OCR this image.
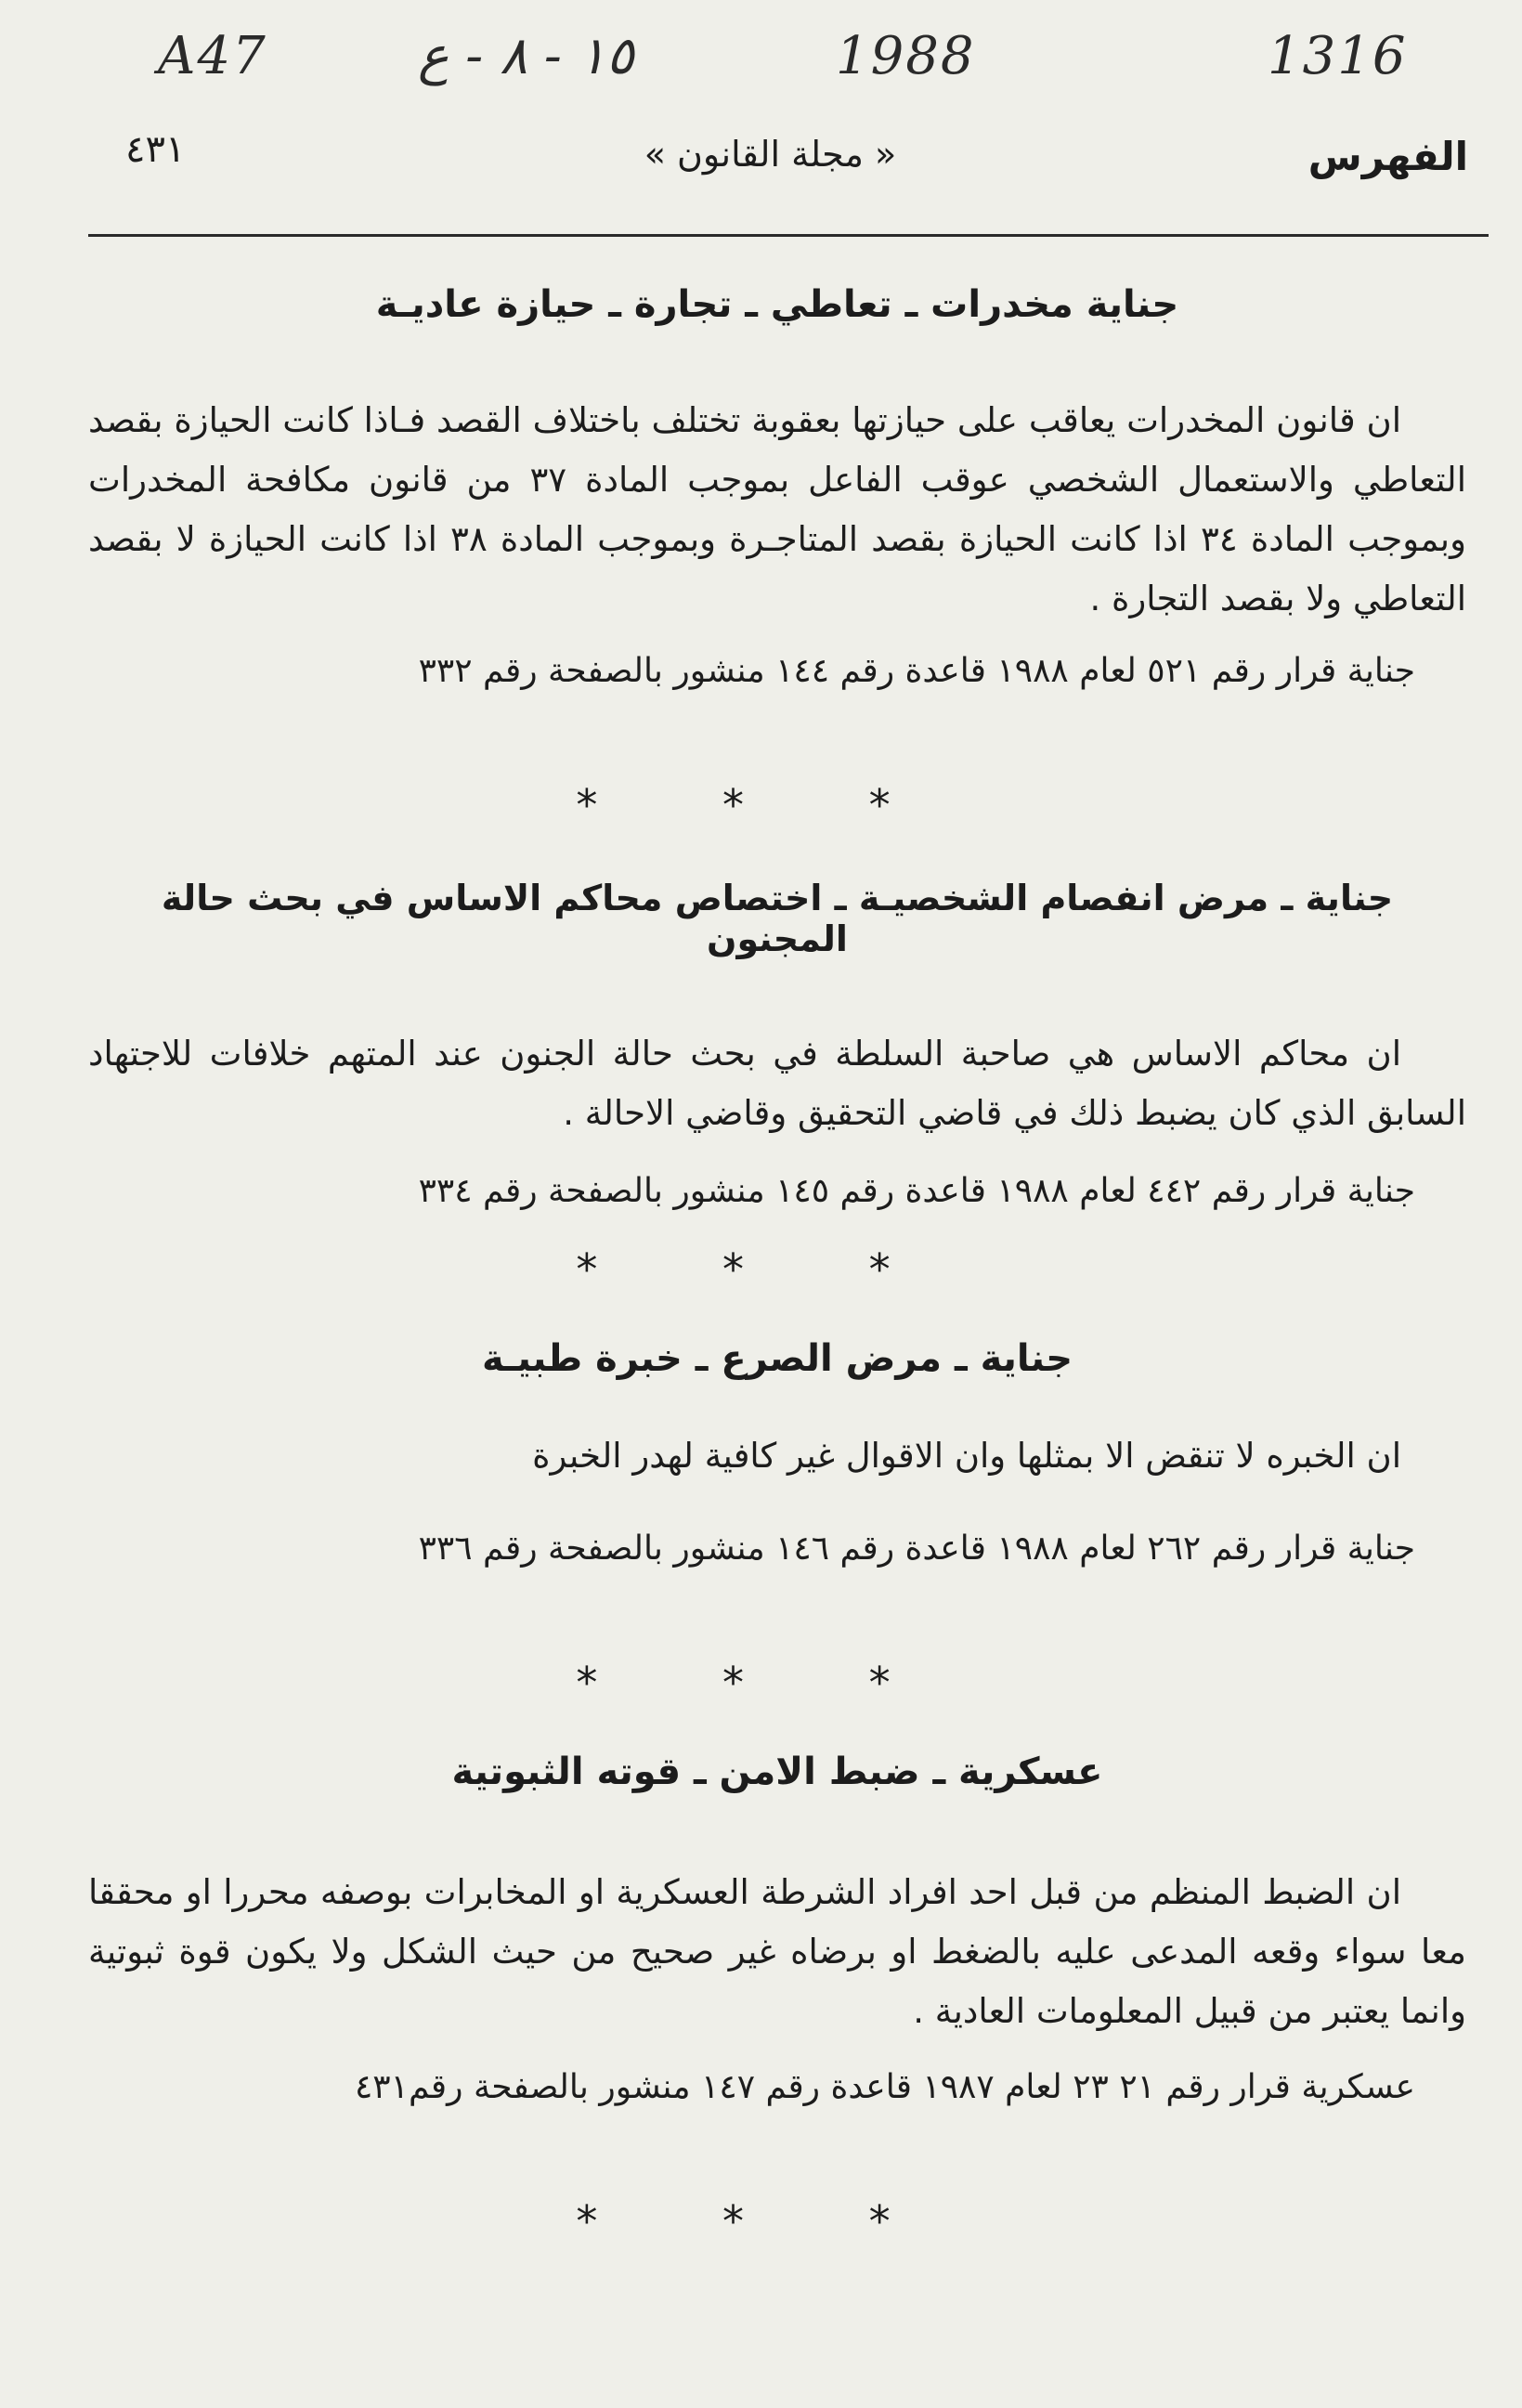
A47	١٥ - ٨ - ع	1988	1316
الفهرس
« مجلة القانون »
٤٣١

جناية مخدرات ـ تعاطي ـ تجارة ـ حيازة عاديـة

ان قانون المخدرات يعاقب على حيازتها بعقوبة تختلف باختلاف القصد فـاذا كانت الحيازة بقصد التعاطي والاستعمال الشخصي عوقب الفاعل بموجب المادة ٣٧ من قانون مكافحة المخدرات وبموجب المادة ٣٤ اذا كانت الحيازة بقصد المتاجـرة وبموجب المادة ٣٨ اذا كانت الحيازة لا بقصد التعاطي ولا بقصد التجارة .

جناية قرار رقم ٥٢١ لعام ١٩٨٨ قاعدة رقم ١٤٤ منشور بالصفحة رقم ٣٣٢

* * *

جناية ـ مرض انفصام الشخصيـة ـ اختصاص محاكم الاساس في بحث حالة المجنون

ان محاكم الاساس هي صاحبة السلطة في بحث حالة الجنون عند المتهم خلافات للاجتهاد السابق الذي كان يضبط ذلك في قاضي التحقيق وقاضي الاحالة .

جناية قرار رقم ٤٤٢ لعام ١٩٨٨ قاعدة رقم ١٤٥ منشور بالصفحة رقم ٣٣٤

* * *

جناية ـ مرض الصرع ـ خبرة طبيـة

ان الخبره لا تنقض الا بمثلها وان الاقوال غير كافية لهدر الخبرة

جناية قرار رقم ٢٦٢ لعام ١٩٨٨ قاعدة رقم ١٤٦ منشور بالصفحة رقم ٣٣٦

* * *

عسكرية ـ ضبط الامن ـ قوته الثبوتية

ان الضبط المنظم من قبل احد افراد الشرطة العسكرية او المخابرات بوصفه محررا او محققا معا سواء وقعه المدعى عليه بالضغط او برضاه غير صحيح من حيث الشكل ولا يكون قوة ثبوتية وانما يعتبر من قبيل المعلومات العادية .

عسكرية قرار رقم ٢١ ٢٣ لعام ١٩٨٧ قاعدة رقم ١٤٧ منشور بالصفحة رقم٤٣١

* * *
